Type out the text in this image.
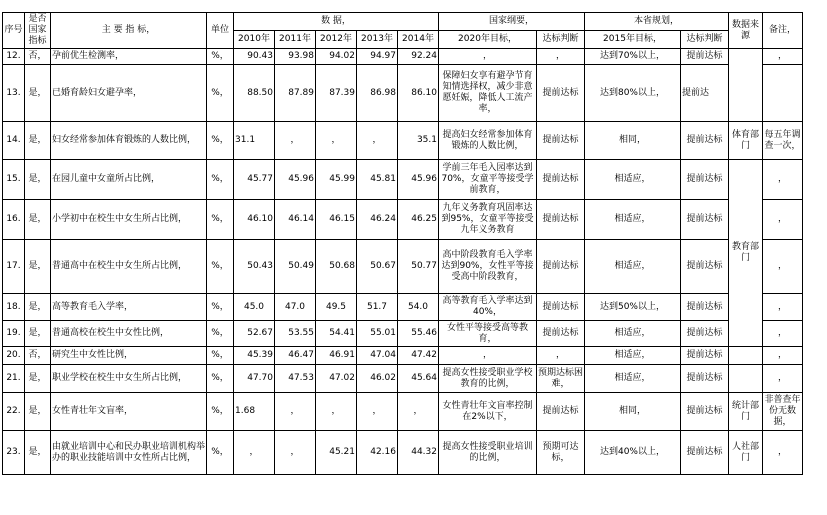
序号	是否国家指标	主 要 指 标，	单位	数 据，					国家纲要，		本省规划，		数据来源	备注，
				2010年	2011年	2012年	2013年	2014年	2020年目标，	达标判断	2015年目标，	达标判断		
12.	否，	孕前优生检测率，	%，	90.43	93.98	94.02	94.97	92.24	，	，	达到70%以上，	提前达标		，
13.	是，	已婚育龄妇女避孕率，	%，	88.50	87.89	87.39	86.98	86.10	保障妇女享有避孕节育知情选择权，减少非意愿妊娠，降低人工流产率，	提前达标	达到80%以上，	提前达		
14.	是，	妇女经常参加体育锻炼的人数比例，	%，	31.1	，	，	，	35.1	提高妇女经常参加体育锻炼的人数比例，	提前达标	相同，	提前达标	体育部门	每五年调查一次，
15.	是，	在园儿童中女童所占比例，	%，	45.77	45.96	45.99	45.81	45.96	学前三年毛入园率达到70%，女童平等接受学前教育，	提前达标	相适应，	提前达标	教育部门	，
16.	是，	小学初中在校生中女生所占比例，	%，	46.10	46.14	46.15	46.24	46.25	九年义务教育巩固率达到95%，女童平等接受九年义务教育	提前达标	相适应，	提前达标		，
17.	是，	普通高中在校生中女生所占比例，	%，	50.43	50.49	50.68	50.67	50.77	高中阶段教育毛入学率达到90%，女性平等接受高中阶段教育，	提前达标	相适应，	提前达标		，
18.	是，	高等教育毛入学率，	%，	45.0	47.0	49.5	51.7	54.0	高等教育毛入学率达到40%，	提前达标	达到50%以上，	提前达标		，
19.	是，	普通高校在校生中女性比例，	%，	52.67	53.55	54.41	55.01	55.46	女性平等接受高等教育，	提前达标	相适应，	提前达标		，
20.	否，	研究生中女性比例，	%，	45.39	46.47	46.91	47.04	47.42	，	，	相适应，	提前达标		，
21.	是，	职业学校在校生中女生所占比例，	%，	47.70	47.53	47.02	46.02	45.64	提高女性接受职业学校教育的比例，	预期达标困难，	相适应，	提前达标		，
22.	是，	女性青壮年文盲率，	%，	1.68	，	，	，	，	女性青壮年文盲率控制在2%以下，	提前达标	相同，	提前达标	统计部门	非普查年份无数据，
23.	是，	由就业培训中心和民办职业培训机构举办的职业技能培训中女性所占比例，	%，	，	，	45.21	42.16	44.32	提高女性接受职业培训的比例，	预期可达标，	达到40%以上，	提前达标	人社部门	，
